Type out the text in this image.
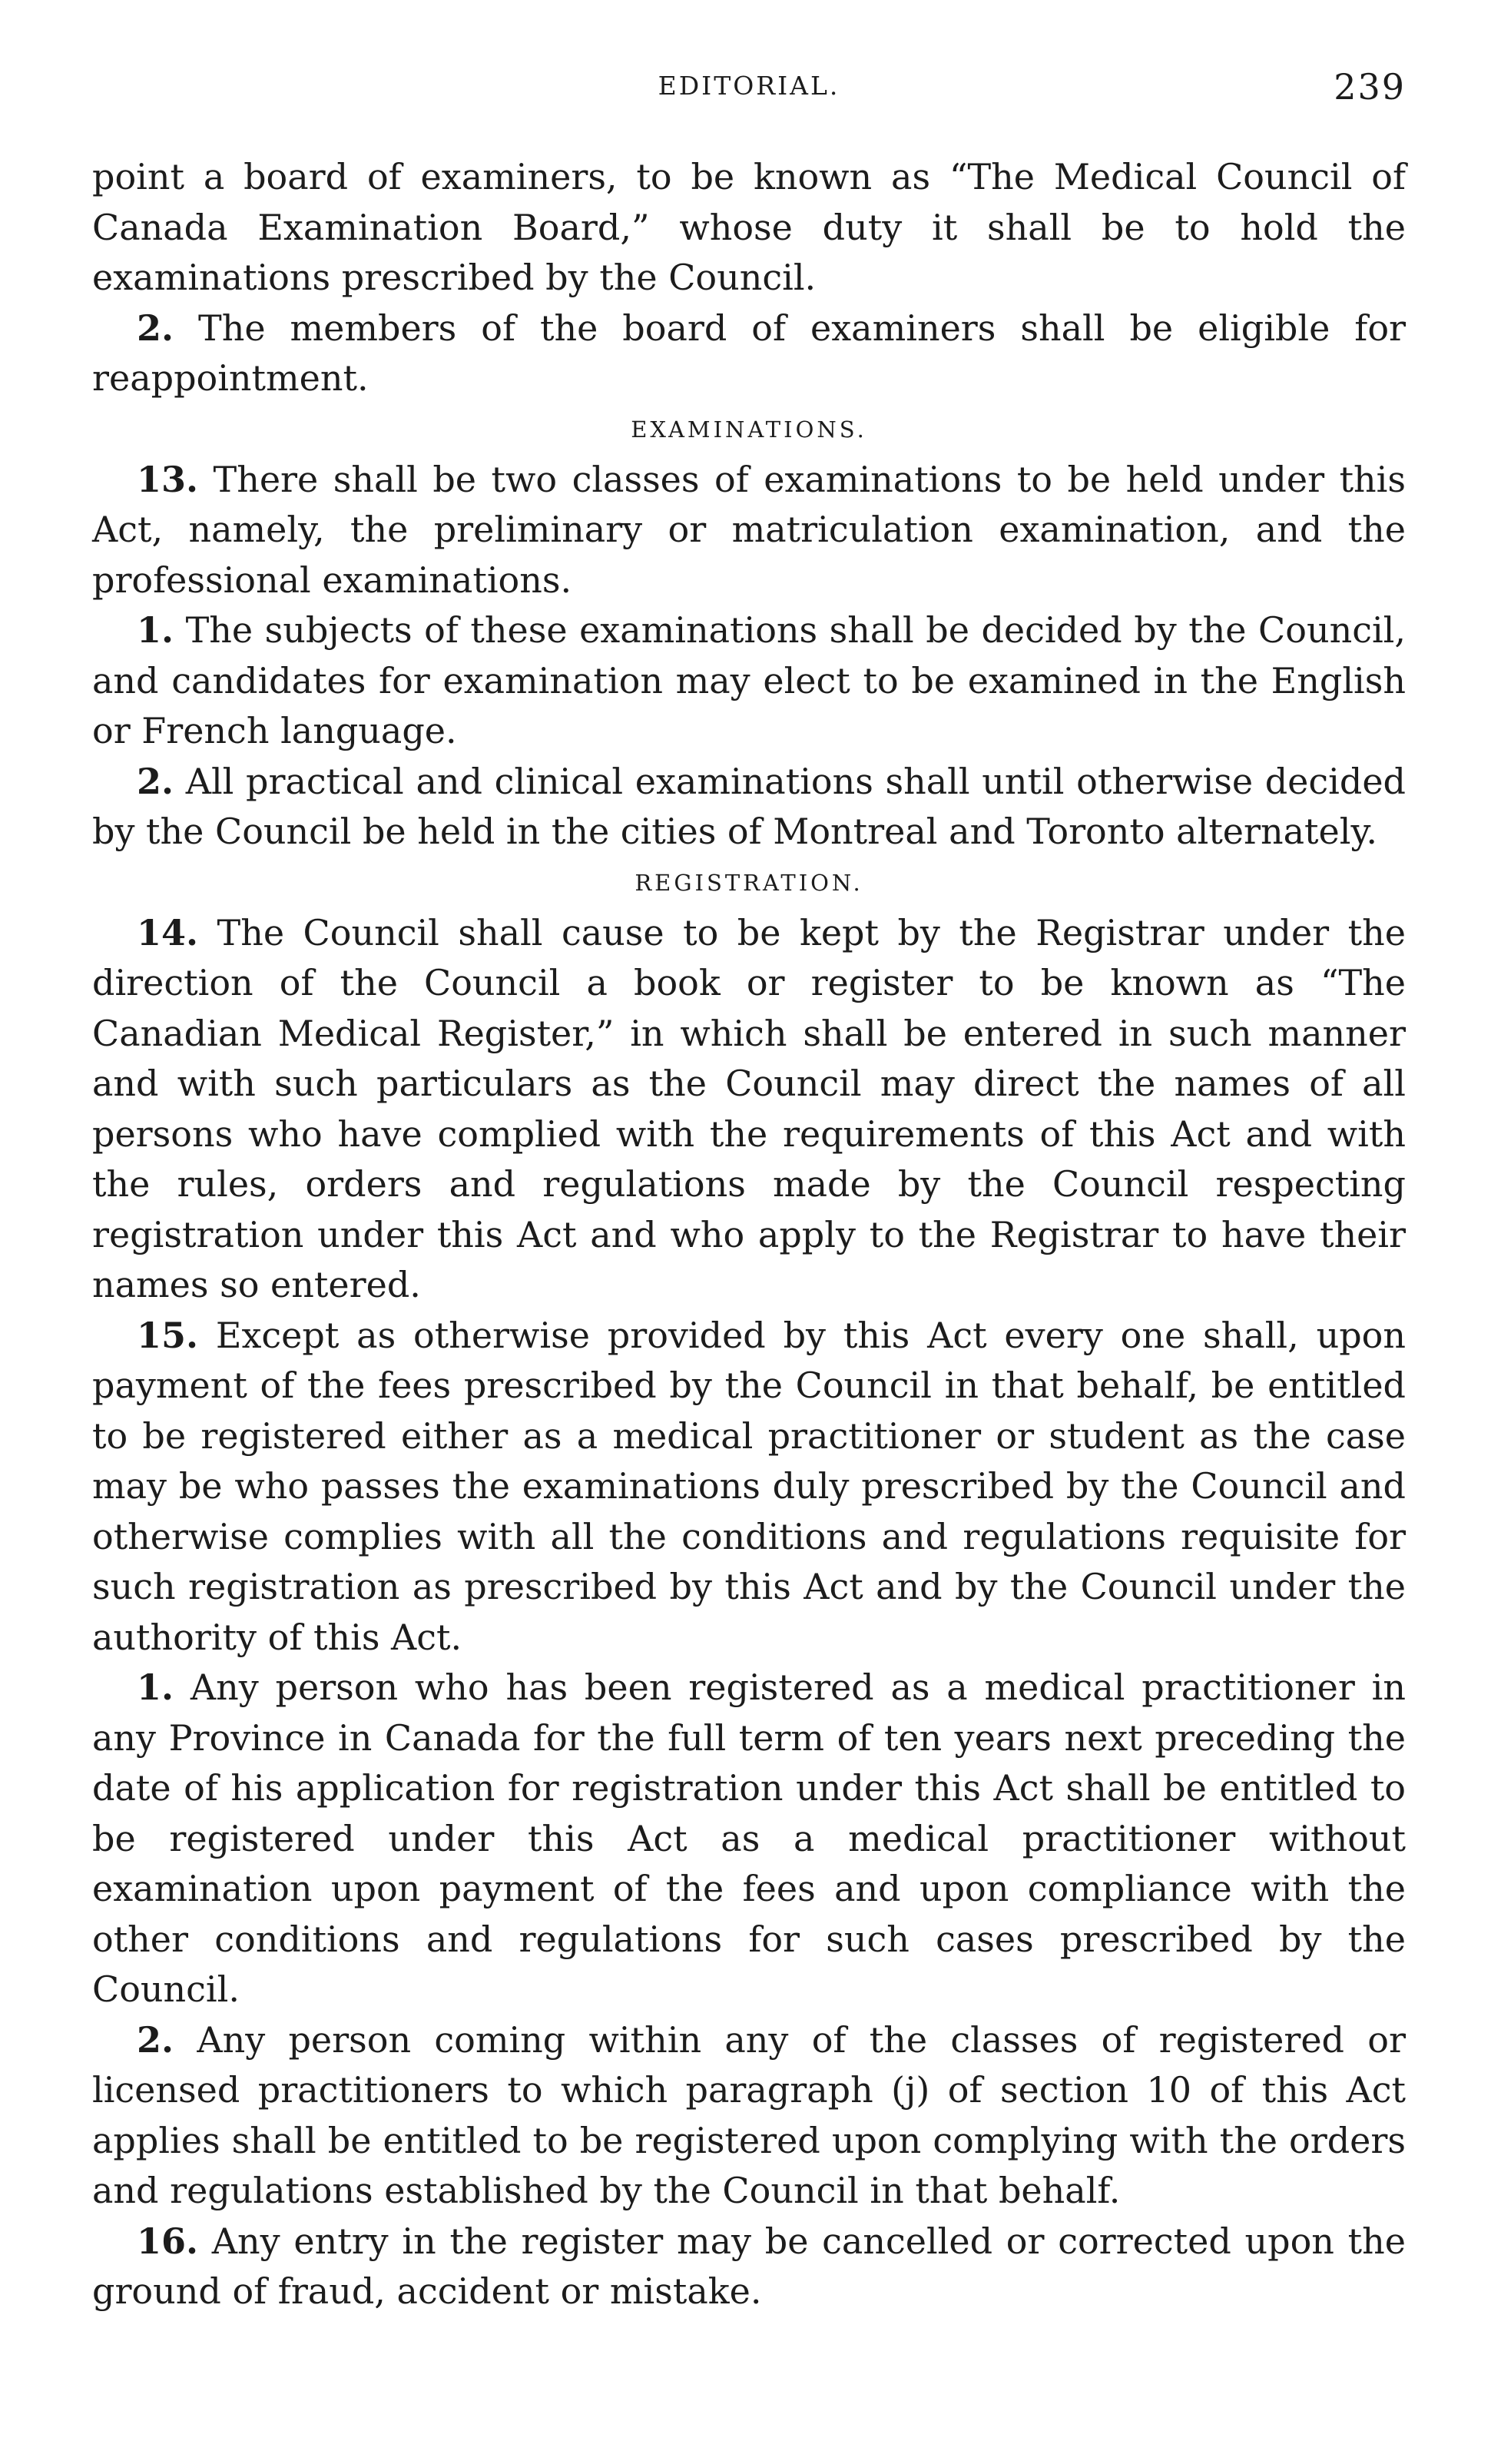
EDITORIAL.	239

point a board of examiners, to be known as “The Medical Council of Canada Examination Board,” whose duty it shall be to hold the examinations prescribed by the Council.

2. The members of the board of examiners shall be eligible for reappointment.

EXAMINATIONS.

13. There shall be two classes of examinations to be held under this Act, namely, the preliminary or matriculation examination, and the professional examinations.

1. The subjects of these examinations shall be decided by the Council, and candidates for examination may elect to be examined in the English or French language.

2. All practical and clinical examinations shall until otherwise decided by the Council be held in the cities of Montreal and Toronto alternately.

REGISTRATION.

14. The Council shall cause to be kept by the Registrar under the direction of the Council a book or register to be known as “The Canadian Medical Register,” in which shall be entered in such manner and with such particulars as the Council may direct the names of all persons who have complied with the requirements of this Act and with the rules, orders and regulations made by the Council respecting registration under this Act and who apply to the Registrar to have their names so entered.

15. Except as otherwise provided by this Act every one shall, upon payment of the fees prescribed by the Council in that behalf, be entitled to be registered either as a medical practitioner or student as the case may be who passes the examinations duly prescribed by the Council and otherwise complies with all the conditions and regulations requisite for such registration as prescribed by this Act and by the Council under the authority of this Act.

1. Any person who has been registered as a medical practitioner in any Province in Canada for the full term of ten years next preceding the date of his application for registration under this Act shall be entitled to be registered under this Act as a medical practitioner without examination upon payment of the fees and upon compliance with the other conditions and regulations for such cases prescribed by the Council.

2. Any person coming within any of the classes of registered or licensed practitioners to which paragraph (j) of section 10 of this Act applies shall be entitled to be registered upon complying with the orders and regulations established by the Council in that behalf.

16. Any entry in the register may be cancelled or corrected upon the ground of fraud, accident or mistake.
